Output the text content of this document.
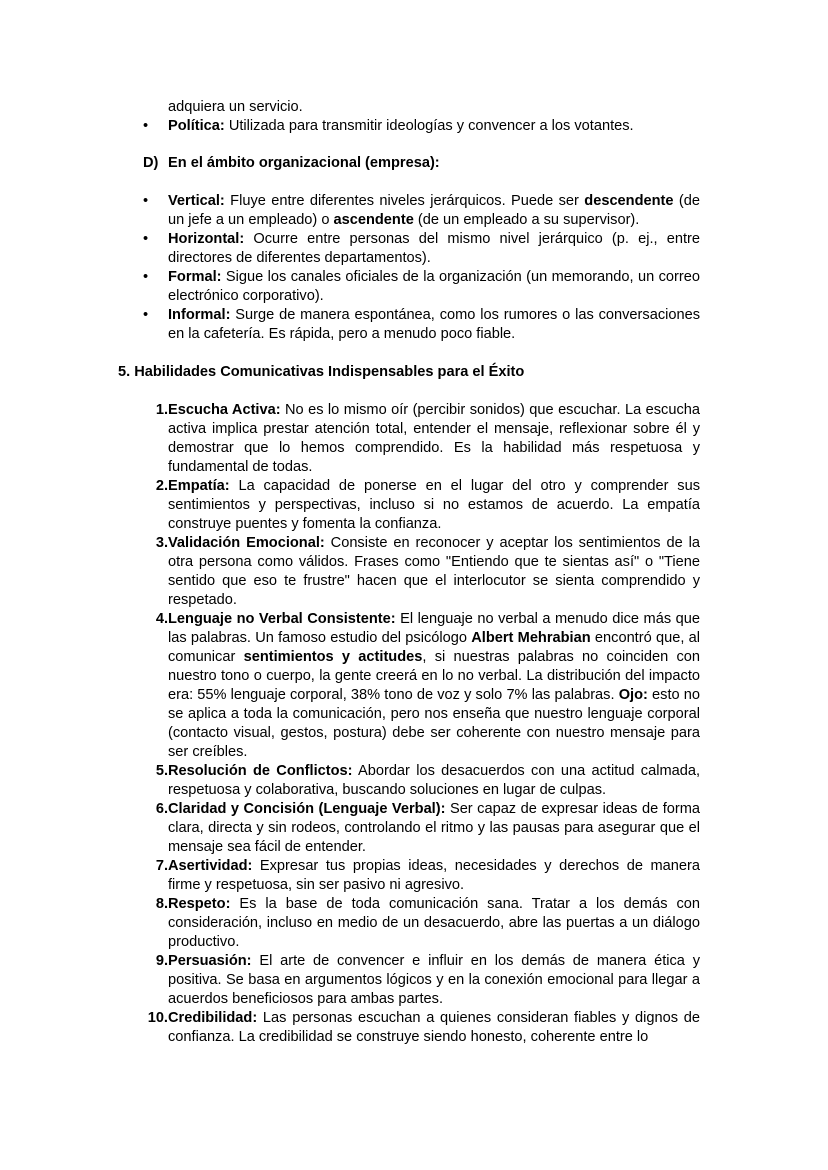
adquiera un servicio.

• Política: Utilizada para transmitir ideologías y convencer a los votantes.
D) En el ámbito organizacional (empresa):
• Vertical: Fluye entre diferentes niveles jerárquicos. Puede ser descendente (de un jefe a un empleado) o ascendente (de un empleado a su supervisor).
• Horizontal: Ocurre entre personas del mismo nivel jerárquico (p. ej., entre directores de diferentes departamentos).
• Formal: Sigue los canales oficiales de la organización (un memorando, un correo electrónico corporativo).
• Informal: Surge de manera espontánea, como los rumores o las conversaciones en la cafetería. Es rápida, pero a menudo poco fiable.
5. Habilidades Comunicativas Indispensables para el Éxito
1. Escucha Activa: No es lo mismo oír (percibir sonidos) que escuchar. La escucha activa implica prestar atención total, entender el mensaje, reflexionar sobre él y demostrar que lo hemos comprendido. Es la habilidad más respetuosa y fundamental de todas.
2. Empatía: La capacidad de ponerse en el lugar del otro y comprender sus sentimientos y perspectivas, incluso si no estamos de acuerdo. La empatía construye puentes y fomenta la confianza.
3. Validación Emocional: Consiste en reconocer y aceptar los sentimientos de la otra persona como válidos. Frases como "Entiendo que te sientas así" o "Tiene sentido que eso te frustre" hacen que el interlocutor se sienta comprendido y respetado.
4. Lenguaje no Verbal Consistente: El lenguaje no verbal a menudo dice más que las palabras. Un famoso estudio del psicólogo Albert Mehrabian encontró que, al comunicar sentimientos y actitudes, si nuestras palabras no coinciden con nuestro tono o cuerpo, la gente creerá en lo no verbal. La distribución del impacto era: 55% lenguaje corporal, 38% tono de voz y solo 7% las palabras. Ojo: esto no se aplica a toda la comunicación, pero nos enseña que nuestro lenguaje corporal (contacto visual, gestos, postura) debe ser coherente con nuestro mensaje para ser creíbles.
5. Resolución de Conflictos: Abordar los desacuerdos con una actitud calmada, respetuosa y colaborativa, buscando soluciones en lugar de culpas.
6. Claridad y Concisión (Lenguaje Verbal): Ser capaz de expresar ideas de forma clara, directa y sin rodeos, controlando el ritmo y las pausas para asegurar que el mensaje sea fácil de entender.
7. Asertividad: Expresar tus propias ideas, necesidades y derechos de manera firme y respetuosa, sin ser pasivo ni agresivo.
8. Respeto: Es la base de toda comunicación sana. Tratar a los demás con consideración, incluso en medio de un desacuerdo, abre las puertas a un diálogo productivo.
9. Persuasión: El arte de convencer e influir en los demás de manera ética y positiva. Se basa en argumentos lógicos y en la conexión emocional para llegar a acuerdos beneficiosos para ambas partes.
10. Credibilidad: Las personas escuchan a quienes consideran fiables y dignos de confianza. La credibilidad se construye siendo honesto, coherente entre lo
